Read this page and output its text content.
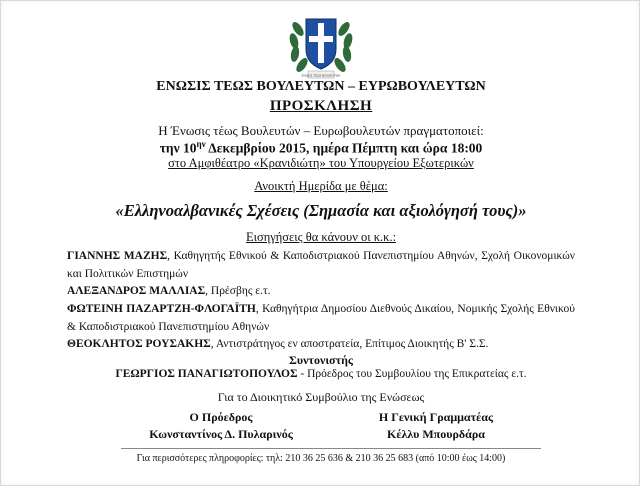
ΕΝΩΣΙΣ ΤΕΩΣ ΒΟΥΛΕΥΤΩΝ
ΕΝΩΣΙΣ ΤΕΩΣ ΒΟΥΛΕΥΤΩΝ – ΕΥΡΩΒΟΥΛΕΥΤΩΝ
ΠΡΟΣΚΛΗΣΗ
Η Ένωσις τέως Βουλευτών – Ευρωβουλευτών πραγματοποιεί:
την $10^{\eta\nu}$ Δεκεμβρίου 2015, ημέρα Πέμπτη και ώρα 18:00
στο Αμφιθέατρο «Κρανιδιώτη» του Υπουργείου Εξωτερικών
Ανοικτή Ημερίδα με θέμα:
«Ελληνοαλβανικές Σχέσεις (Σημασία και αξιολόγησή τους)»
Εισηγήσεις θα κάνουν οι κ.κ.:
ΓΙΑΝΝΗΣ ΜΑΖΗΣ, Καθηγητής Εθνικού & Καποδιστριακού Πανεπιστημίου Αθηνών, Σχολή Οικονομικών και Πολιτικών Επιστημών
ΑΛΕΞΑΝΔΡΟΣ ΜΑΛΛΙΑΣ, Πρέσβης ε.τ.
ΦΩΤΕΙΝΗ ΠΑΖΑΡΤΖΗ-ΦΛΟΓΑΪΤΗ, Καθηγήτρια Δημοσίου Διεθνούς Δικαίου, Νομικής Σχολής Εθνικού & Καποδιστριακού Πανεπιστημίου Αθηνών
ΘΕΟΚΛΗΤΟΣ ΡΟΥΣΑΚΗΣ, Αντιστράτηγος εν αποστρατεία, Επίτιμος Διοικητής Β' Σ.Σ.
Συντονιστής
ΓΕΩΡΓΙΟΣ ΠΑΝΑΓΙΩΤΟΠΟΥΛΟΣ - Πρόεδρος του Συμβουλίου της Επικρατείας ε.τ.
Για το Διοικητικό Συμβούλιο της Ενώσεως
Ο Πρόεδρος
Κωνσταντίνος Δ. Πυλαρινός
Η Γενική Γραμματέας
Κέλλυ Μπουρδάρα
Για περισσότερες πληροφορίες: τηλ: 210 36 25 636 & 210 36 25 683 (από 10:00 έως 14:00)
